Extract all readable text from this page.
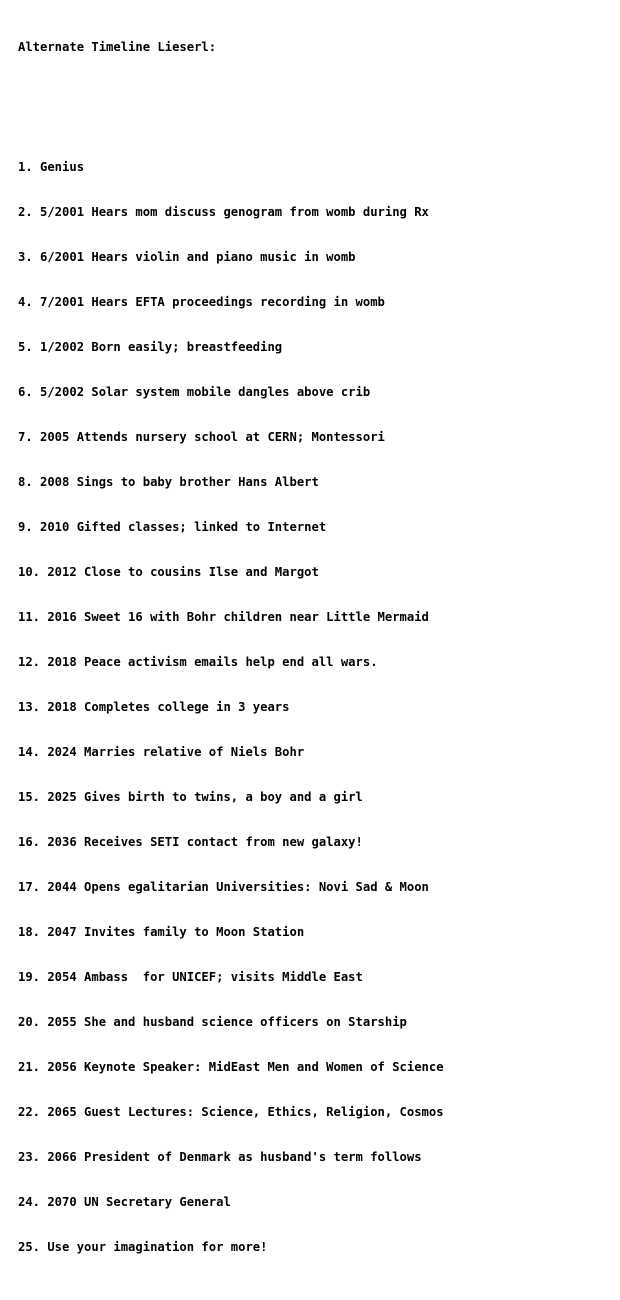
Alternate Timeline Lieserl:

1. Genius

2. 5/2001 Hears mom discuss genogram from womb during Rx

3. 6/2001 Hears violin and piano music in womb

4. 7/2001 Hears EFTA proceedings recording in womb

5. 1/2002 Born easily; breastfeeding

6. 5/2002 Solar system mobile dangles above crib

7. 2005 Attends nursery school at CERN; Montessori

8. 2008 Sings to baby brother Hans Albert

9. 2010 Gifted classes; linked to Internet

10. 2012 Close to cousins Ilse and Margot

11. 2016 Sweet 16 with Bohr children near Little Mermaid

12. 2018 Peace activism emails help end all wars.

13. 2018 Completes college in 3 years

14. 2024 Marries relative of Niels Bohr

15. 2025 Gives birth to twins, a boy and a girl

16. 2036 Receives SETI contact from new galaxy!

17. 2044 Opens egalitarian Universities: Novi Sad & Moon

18. 2047 Invites family to Moon Station

19. 2054 Ambass  for UNICEF; visits Middle East

20. 2055 She and husband science officers on Starship

21. 2056 Keynote Speaker: MidEast Men and Women of Science

22. 2065 Guest Lectures: Science, Ethics, Religion, Cosmos

23. 2066 President of Denmark as husband's term follows

24. 2070 UN Secretary General

25. Use your imagination for more!
